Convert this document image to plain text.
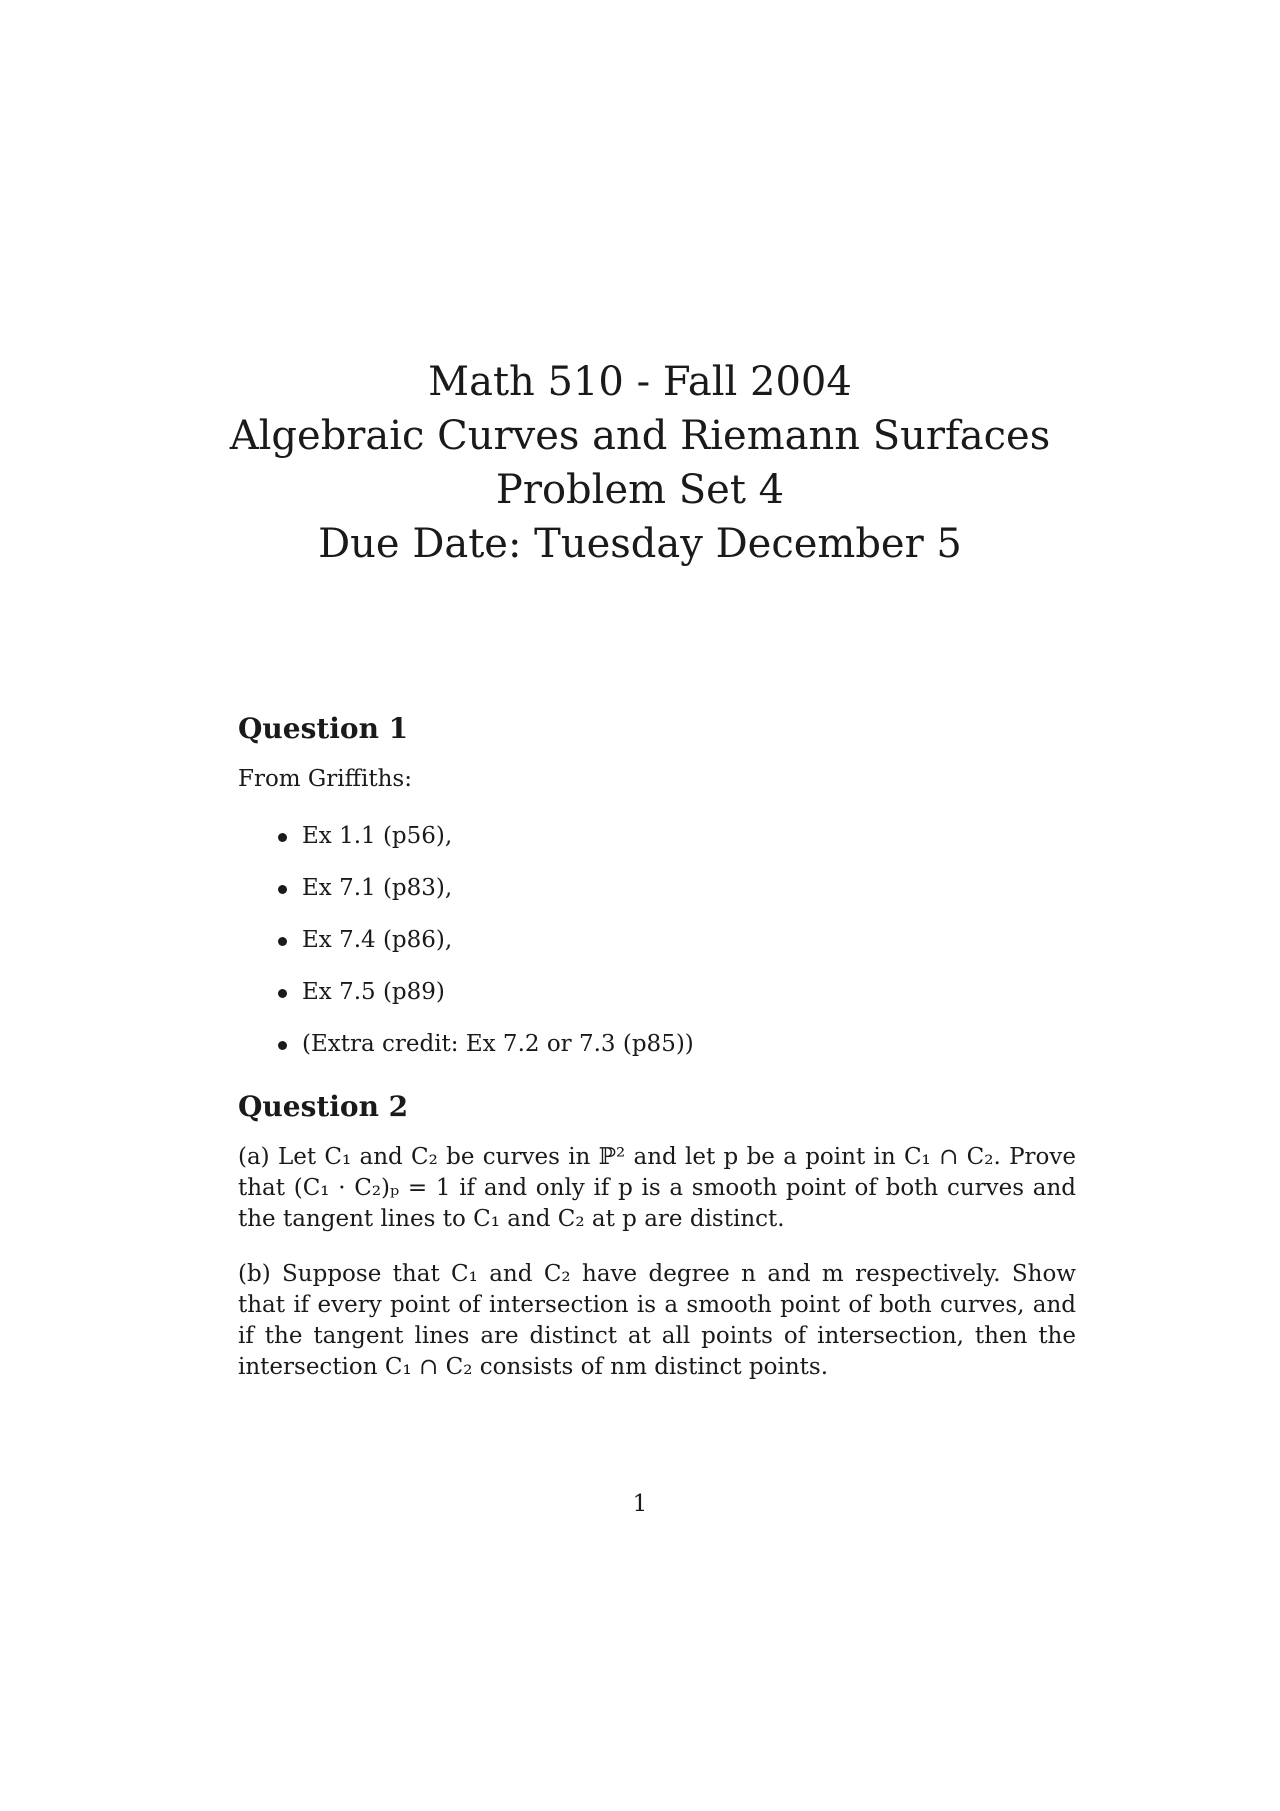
Math 510 - Fall 2004
Algebraic Curves and Riemann Surfaces
Problem Set 4
Due Date: Tuesday December 5
Question 1
From Griffiths:
Ex 1.1 (p56),
Ex 7.1 (p83),
Ex 7.4 (p86),
Ex 7.5 (p89)
(Extra credit: Ex 7.2 or 7.3 (p85))
Question 2

(a) Let C₁ and C₂ be curves in ℙ² and let p be a point in C₁ ∩ C₂. Prove that (C₁ · C₂)ₚ = 1 if and only if p is a smooth point of both curves and the tangent lines to C₁ and C₂ at p are distinct.

(b) Suppose that C₁ and C₂ have degree n and m respectively. Show that if every point of intersection is a smooth point of both curves, and if the tangent lines are distinct at all points of intersection, then the intersection C₁ ∩ C₂ consists of nm distinct points.

1
